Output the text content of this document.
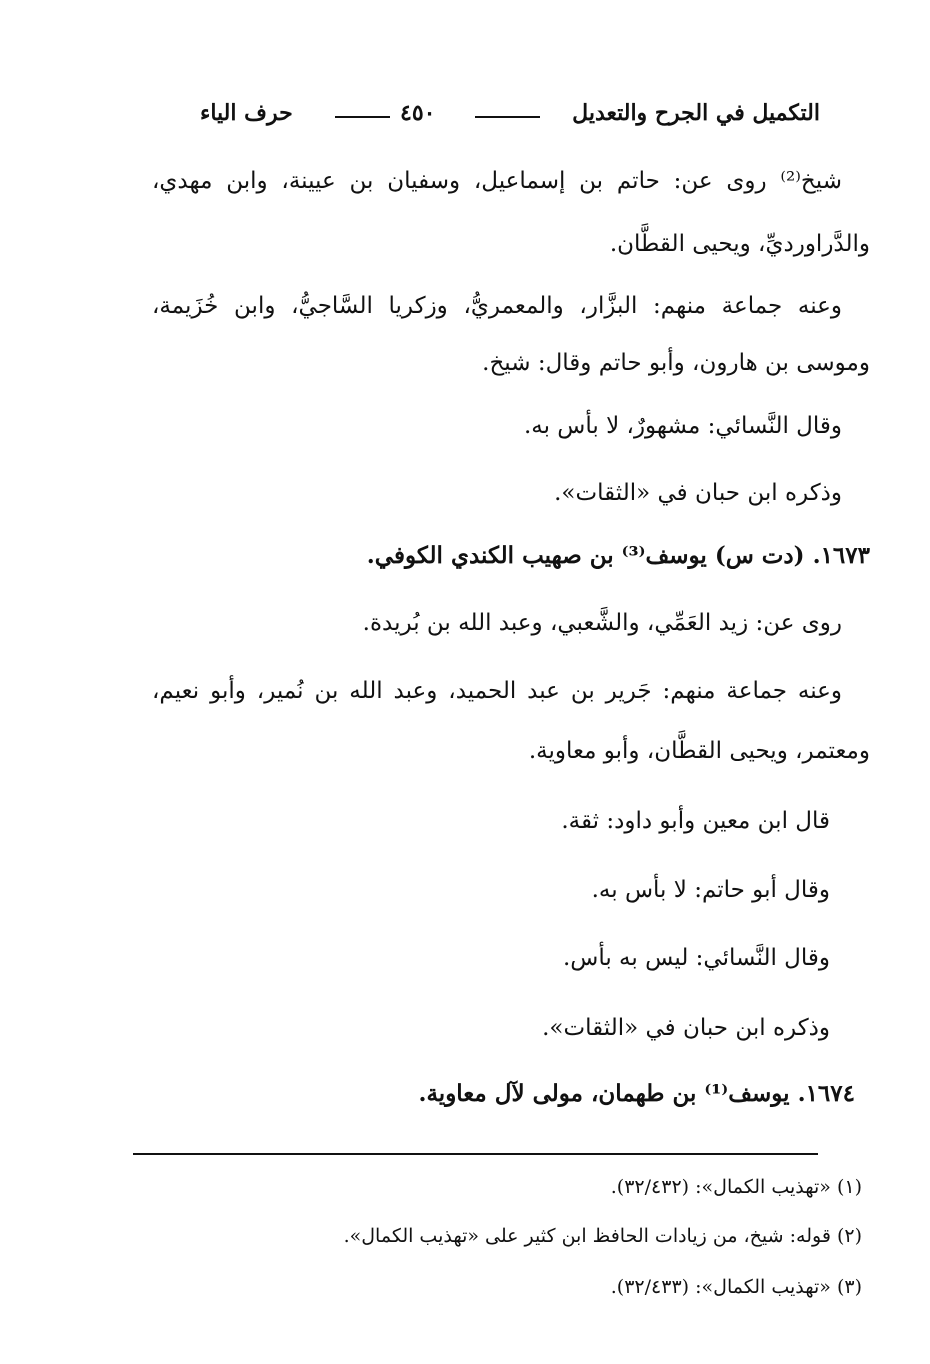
التكميل في الجرح والتعديل
٤٥٠
حرف الياء
شيخ⁽²⁾ روى عن: حاتم بن إسماعيل، وسفيان بن عيينة، وابن مهدي،
والدَّراورديِّ، ويحيى القطَّان.
وعنه جماعة منهم: البزَّار، والمعمريُّ، وزكريا السَّاجيُّ، وابن خُزَيمة،
وموسى بن هارون، وأبو حاتم وقال: شيخ.
وقال النَّسائي: مشهورٌ، لا بأس به.
وذكره ابن حبان في «الثقات».
١٦٧٣. (دت س) يوسف⁽³⁾ بن صهيب الكندي الكوفي.
روى عن: زيد العَمِّي، والشَّعبي، وعبد الله بن بُريدة.
وعنه جماعة منهم: جَرير بن عبد الحميد، وعبد الله بن نُمير، وأبو نعيم،
ومعتمر، ويحيى القطَّان، وأبو معاوية.
قال ابن معين وأبو داود: ثقة.
وقال أبو حاتم: لا بأس به.
وقال النَّسائي: ليس به بأس.
وذكره ابن حبان في «الثقات».
١٦٧٤. يوسف⁽¹⁾ بن طهمان، مولى لآل معاوية.
(١) «تهذيب الكمال»: (٣٢/٤٣٢).
(٢) قوله: شيخ، من زيادات الحافظ ابن كثير على «تهذيب الكمال».
(٣) «تهذيب الكمال»: (٣٢/٤٣٣).
